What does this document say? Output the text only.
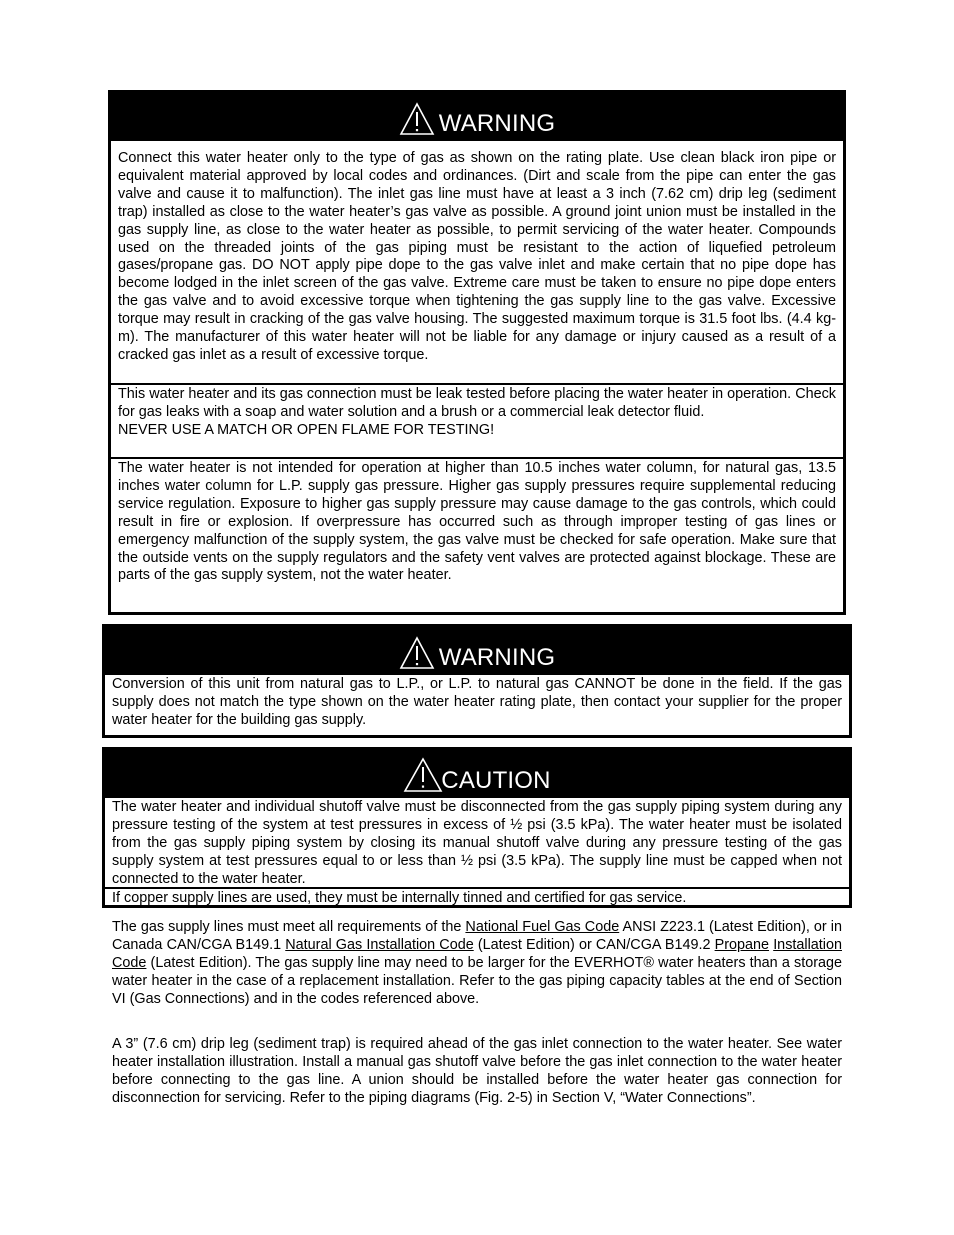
WARNING

Connect this water heater only to the type of gas as shown on the rating plate. Use clean black iron pipe or equivalent material approved by local codes and ordinances. (Dirt and scale from the pipe can enter the gas valve and cause it to malfunction). The inlet gas line must have at least a 3 inch (7.62 cm) drip leg (sediment trap) installed as close to the water heater’s gas valve as possible. A ground joint union must be installed in the gas supply line, as close to the water heater as possible, to permit servicing of the water heater. Compounds used on the threaded joints of the gas piping must be resistant to the action of liquefied petroleum gases/propane gas. DO NOT apply pipe dope to the gas valve inlet and make certain that no pipe dope has become lodged in the inlet screen of the gas valve. Extreme care must be taken to ensure no pipe dope enters the gas valve and to avoid excessive torque when tightening the gas supply line to the gas valve. Excessive torque may result in cracking of the gas valve housing. The suggested maximum torque is 31.5 foot lbs. (4.4 kg-m). The manufacturer of this water heater will not be liable for any damage or injury caused as a result of a cracked gas inlet as a result of excessive torque.

This water heater and its gas connection must be leak tested before placing the water heater in operation. Check for gas leaks with a soap and water solution and a brush or a commercial leak detector fluid.

NEVER USE A MATCH OR OPEN FLAME FOR TESTING!

The water heater is not intended for operation at higher than 10.5 inches water column, for natural gas, 13.5 inches water column for L.P. supply gas pressure. Higher gas supply pressures require supplemental reducing service regulation. Exposure to higher gas supply pressure may cause damage to the gas controls, which could result in fire or explosion. If overpressure has occurred such as through improper testing of gas lines or emergency malfunction of the supply system, the gas valve must be checked for safe operation. Make sure that the outside vents on the supply regulators and the safety vent valves are protected against blockage. These are parts of the gas supply system, not the water heater.

WARNING

Conversion of this unit from natural gas to L.P., or L.P. to natural gas CANNOT be done in the field. If the gas supply does not match the type shown on the water heater rating plate, then contact your supplier for the proper water heater for the building gas supply.

CAUTION

The water heater and individual shutoff valve must be disconnected from the gas supply piping system during any pressure testing of the system at test pressures in excess of ½ psi (3.5 kPa). The water heater must be isolated from the gas supply piping system by closing its manual shutoff valve during any pressure testing of the gas supply system at test pressures equal to or less than ½ psi (3.5 kPa). The supply line must be capped when not connected to the water heater.

If copper supply lines are used, they must be internally tinned and certified for gas service.

The gas supply lines must meet all requirements of the National Fuel Gas Code ANSI Z223.1 (Latest Edition), or in Canada CAN/CGA B149.1 Natural Gas Installation Code (Latest Edition) or CAN/CGA B149.2 Propane Installation Code (Latest Edition). The gas supply line may need to be larger for the EVERHOT® water heaters than a storage water heater in the case of a replacement installation. Refer to the gas piping capacity tables at the end of Section VI (Gas Connections) and in the codes referenced above.

A 3” (7.6 cm) drip leg (sediment trap) is required ahead of the gas inlet connection to the water heater. See water heater installation illustration. Install a manual gas shutoff valve before the gas inlet connection to the water heater before connecting to the gas line. A union should be installed before the water heater gas connection for disconnection for servicing. Refer to the piping diagrams (Fig. 2-5) in Section V, “Water Connections”.
